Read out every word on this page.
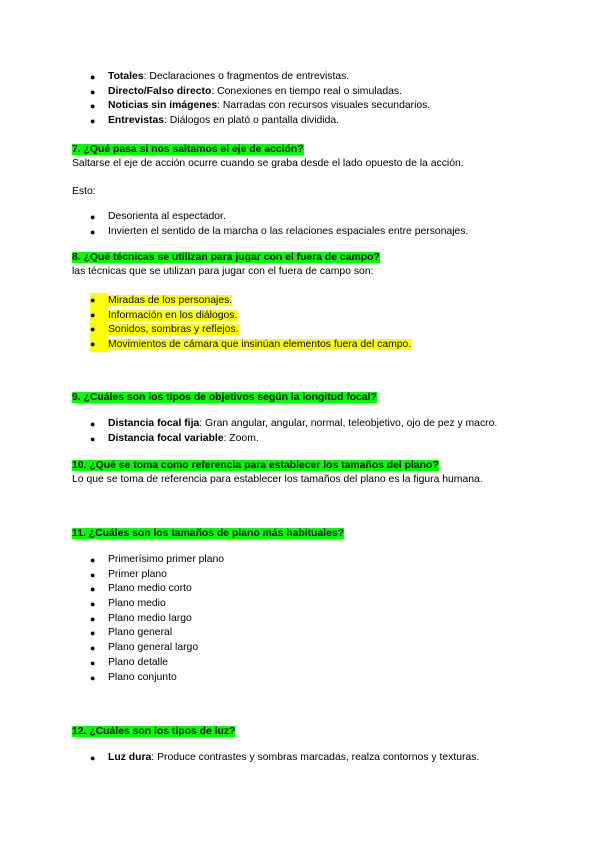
●	Totales: Declaraciones o fragmentos de entrevistas.
●	Directo/Falso directo: Conexiones en tiempo real o simuladas.
●	Noticias sin imágenes: Narradas con recursos visuales secundarios.
●	Entrevistas: Diálogos en plató o pantalla dividida.
7. ¿Qué pasa si nos saltamos el eje de acción?
Saltarse el eje de acción ocurre cuando se graba desde el lado opuesto de la acción.
Esto:
●	Desorienta al espectador.
●	Invierten el sentido de la marcha o las relaciones espaciales entre personajes.
8. ¿Qué técnicas se utilizan para jugar con el fuera de campo?
las técnicas que se utilizan para jugar con el fuera de campo son:
● Miradas de los personajes.
● Información en los diálogos.
● Sonidos, sombras y reflejos.
● Movimientos de cámara que insinúan elementos fuera del campo.
9. ¿Cuáles son los tipos de objetivos según la longitud focal?
●	Distancia focal fija: Gran angular, angular, normal, teleobjetivo, ojo de pez y macro.
●	Distancia focal variable: Zoom.
10. ¿Qué se toma como referencia para establecer los tamaños del plano?
Lo que se toma de referencia para establecer los tamaños del plano es la figura humana.
11. ¿Cuáles son los tamaños de plano más habituales?
●	Primerísimo primer plano
●	Primer plano
●	Plano medio corto
●	Plano medio
●	Plano medio largo
●	Plano general
●	Plano general largo
●	Plano detalle
●	Plano conjunto
12. ¿Cuáles son los tipos de luz?
●	Luz dura: Produce contrastes y sombras marcadas, realza contornos y texturas.
